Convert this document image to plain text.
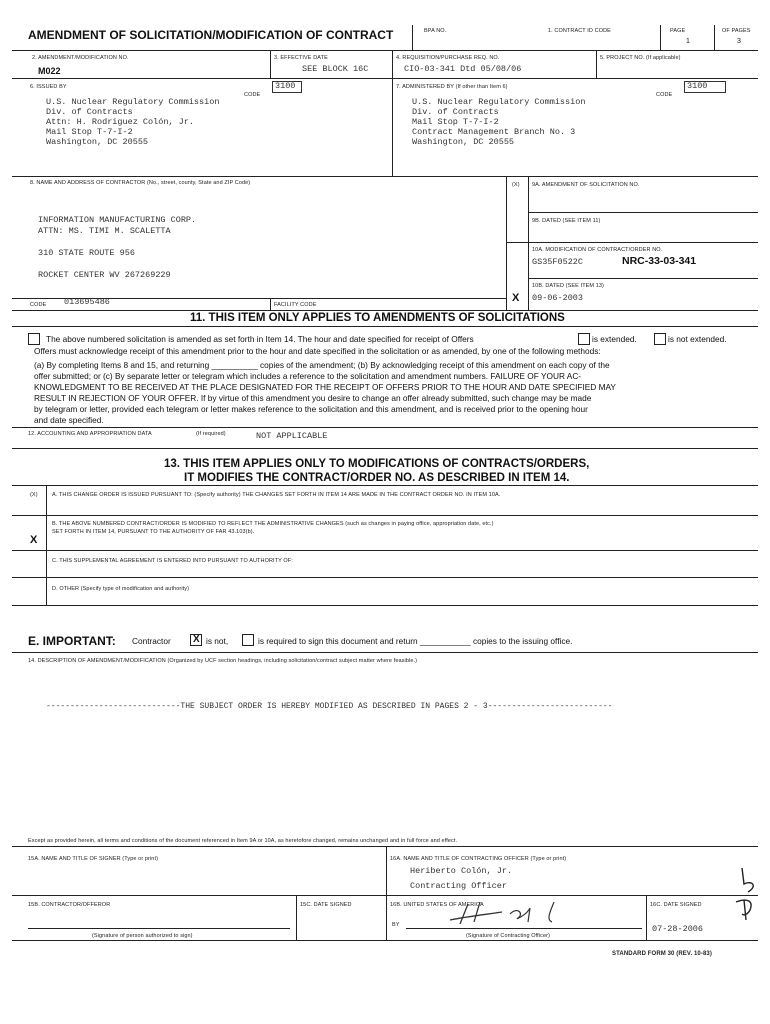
AMENDMENT OF SOLICITATION/MODIFICATION OF CONTRACT	BPA NO.	1. CONTRACT ID CODE	PAGE	OF PAGES
1	3
2. AMENDMENT/MODIFICATION NO.
M022
3. EFFECTIVE DATE
SEE BLOCK 16C
4. REQUISITION/PURCHASE REQ. NO.
CIO-03-341 Dtd 05/08/06
5. PROJECT NO. (If applicable)
6. ISSUED BY
CODE
3100
U.S. Nuclear Regulatory Commission
Div. of Contracts
Attn: H. Rodriguez Colón, Jr.
Mail Stop T-7-I-2
Washington, DC 20555
7. ADMINISTERED BY (If other than Item 6)
CODE
3100
U.S. Nuclear Regulatory Commission
Div. of Contracts
Mail Stop T-7-I-2
Contract Management Branch No. 3
Washington, DC 20555
8. NAME AND ADDRESS OF CONTRACTOR (No., street, county, State and ZIP Code)
INFORMATION MANUFACTURING CORP.
ATTN: MS. TIMI M. SCALETTA
310 STATE ROUTE 956
ROCKET CENTER WV 267269229
CODE 013695486	FACILITY CODE
(X) 9A. AMENDMENT OF SOLICITATION NO.
9B. DATED (SEE ITEM 11)
10A. MODIFICATION OF CONTRACT/ORDER NO.
GS35F0522C	NRC-33-03-341
10B. DATED (SEE ITEM 13)
09-06-2003
X
11. THIS ITEM ONLY APPLIES TO AMENDMENTS OF SOLICITATIONS
The above numbered solicitation is amended as set forth in Item 14. The hour and date specified for receipt of Offers	is extended.	is not extended.
Offers must acknowledge receipt of this amendment prior to the hour and date specified in the solicitation or as amended, by one of the following methods:
(a) By completing Items 8 and 15, and returning __________ copies of the amendment; (b) By acknowledging receipt of this amendment on each copy of the
offer submitted; or (c) By separate letter or telegram which includes a reference to the solicitation and amendment numbers. FAILURE OF YOUR AC-
KNOWLEDGMENT TO BE RECEIVED AT THE PLACE DESIGNATED FOR THE RECEIPT OF OFFERS PRIOR TO THE HOUR AND DATE SPECIFIED MAY
RESULT IN REJECTION OF YOUR OFFER. If by virtue of this amendment you desire to change an offer already submitted, such change may be made
by telegram or letter, provided each telegram or letter makes reference to the solicitation and this amendment, and is received prior to the opening hour
and date specified.
12. ACCOUNTING AND APPROPRIATION DATA	(If required)	NOT APPLICABLE
13. THIS ITEM APPLIES ONLY TO MODIFICATIONS OF CONTRACTS/ORDERS,
IT MODIFIES THE CONTRACT/ORDER NO. AS DESCRIBED IN ITEM 14.
(X)	A. THIS CHANGE ORDER IS ISSUED PURSUANT TO: (Specify authority) THE CHANGES SET FORTH IN ITEM 14 ARE MADE IN THE CONTRACT ORDER NO. IN ITEM 10A.
B. THE ABOVE NUMBERED CONTRACT/ORDER IS MODIFIED TO REFLECT THE ADMINISTRATIVE CHANGES (such as changes in paying office, appropriation date, etc.)
SET FORTH IN ITEM 14, PURSUANT TO THE AUTHORITY OF FAR 43.103(b).
X
C. THIS SUPPLEMENTAL AGREEMENT IS ENTERED INTO PURSUANT TO AUTHORITY OF:
D. OTHER (Specify type of modification and authority)
E. IMPORTANT: Contractor X is not,	is required to sign this document and return ___________ copies to the issuing office.
14. DESCRIPTION OF AMENDMENT/MODIFICATION (Organized by UCF section headings, including solicitation/contract subject matter where feasible.)
----------------------------THE SUBJECT ORDER IS HEREBY MODIFIED AS DESCRIBED IN PAGES 2 - 3--------------------------
Except as provided herein, all terms and conditions of the document referenced in Item 9A or 10A, as heretofore changed, remains unchanged and in full force and effect.
15A. NAME AND TITLE OF SIGNER (Type or print)	16A. NAME AND TITLE OF CONTRACTING OFFICER (Type or print)
Heriberto Colón, Jr.
Contracting Officer
15B. CONTRACTOR/OFFEROR	15C. DATE SIGNED
(Signature of person authorized to sign)
16B. UNITED STATES OF AMERICA
BY
(Signature of Contracting Officer)
16C. DATE SIGNED
07-28-2006
STANDARD FORM 30 (REV. 10-83)
